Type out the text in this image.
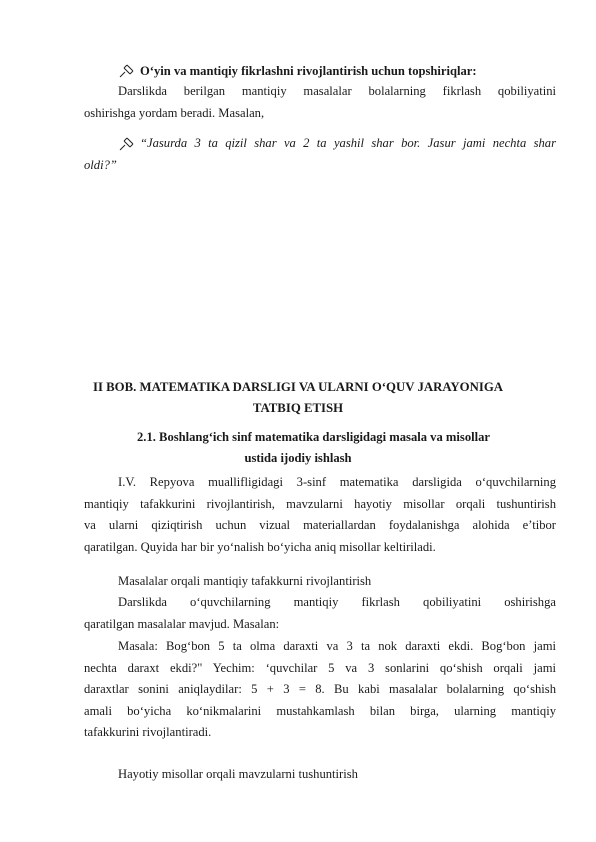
O‘yin va mantiqiy fikrlashni rivojlantirish uchun topshiriqlar:
Darslikda berilgan mantiqiy masalalar bolalarning fikrlash qobiliyatini
oshirishga yordam beradi. Masalan,
“Jasurda 3 ta qizil shar va 2 ta yashil shar bor. Jasur jami nechta shar
oldi?”
II BOB. MATEMATIKA DARSLIGI VA ULARNI O‘QUV JARAYONIGA
TATBIQ ETISH
2.1. Boshlang‘ich sinf matematika darsligidagi masala va misollar
ustida ijodiy ishlash
I.V. Repyova muallifligidagi 3-sinf matematika darsligida o‘quvchilarning
mantiqiy tafakkurini rivojlantirish, mavzularni hayotiy misollar orqali tushuntirish
va ularni qiziqtirish uchun vizual materiallardan foydalanishga alohida e’tibor
qaratilgan. Quyida har bir yo‘nalish bo‘yicha aniq misollar keltiriladi.
Masalalar orqali mantiqiy tafakkurni rivojlantirish
Darslikda o‘quvchilarning mantiqiy fikrlash qobiliyatini oshirishga
qaratilgan masalalar mavjud. Masalan:
Masala: Bog‘bon 5 ta olma daraxti va 3 ta nok daraxti ekdi. Bog‘bon jami
nechta daraxt ekdi?" Yechim: ‘quvchilar 5 va 3 sonlarini qo‘shish orqali jami
daraxtlar sonini aniqlaydilar: 5 + 3 = 8. Bu kabi masalalar bolalarning qo‘shish
amali bo‘yicha ko‘nikmalarini mustahkamlash bilan birga, ularning mantiqiy
tafakkurini rivojlantiradi.
Hayotiy misollar orqali mavzularni tushuntirish
